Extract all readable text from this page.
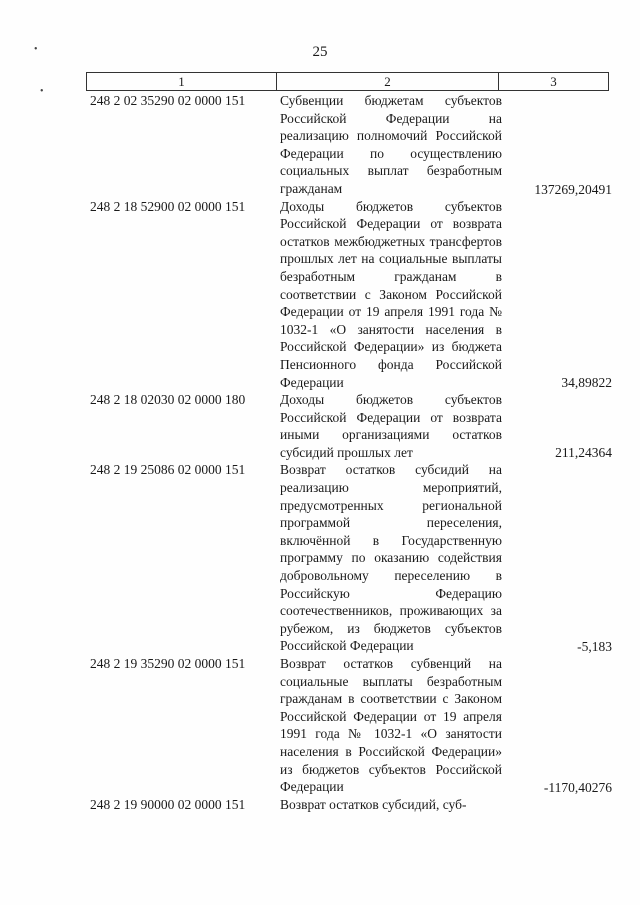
•
•
25
1	2	3
248 2 02 35290 02 0000 151	Субвенции бюджетам субъектов Российской Федерации на реализацию полномочий Российской Федерации по осуществлению социальных выплат безработным гражданам	137269,20491
248 2 18 52900 02 0000 151	Доходы бюджетов субъектов Российской Федерации от возврата остатков межбюджетных трансфертов прошлых лет на социальные выплаты безработным гражданам в соответствии с Законом Российской Федерации от 19 апреля 1991 года № 1032-1 «О занятости населения в Российской Федерации» из бюджета Пенсионного фонда Российской Федерации	34,89822
248 2 18 02030 02 0000 180	Доходы бюджетов субъектов Российской Федерации от возврата иными организациями остатков субсидий прошлых лет	211,24364
248 2 19 25086 02 0000 151	Возврат остатков субсидий на реализацию мероприятий, предусмотренных региональной программой переселения, включённой в Государственную программу по оказанию содействия добровольному переселению в Российскую Федерацию соотечественников, проживающих за рубежом, из бюджетов субъектов Российской Федерации	-5,183
248 2 19 35290 02 0000 151	Возврат остатков субвенций на социальные выплаты безработным гражданам в соответствии с Законом Российской Федерации от 19 апреля 1991 года № 1032-1 «О занятости населения в Российской Федерации» из бюджетов субъектов Российской Федерации	-1170,40276
248 2 19 90000 02 0000 151	Возврат остатков субсидий, суб-
